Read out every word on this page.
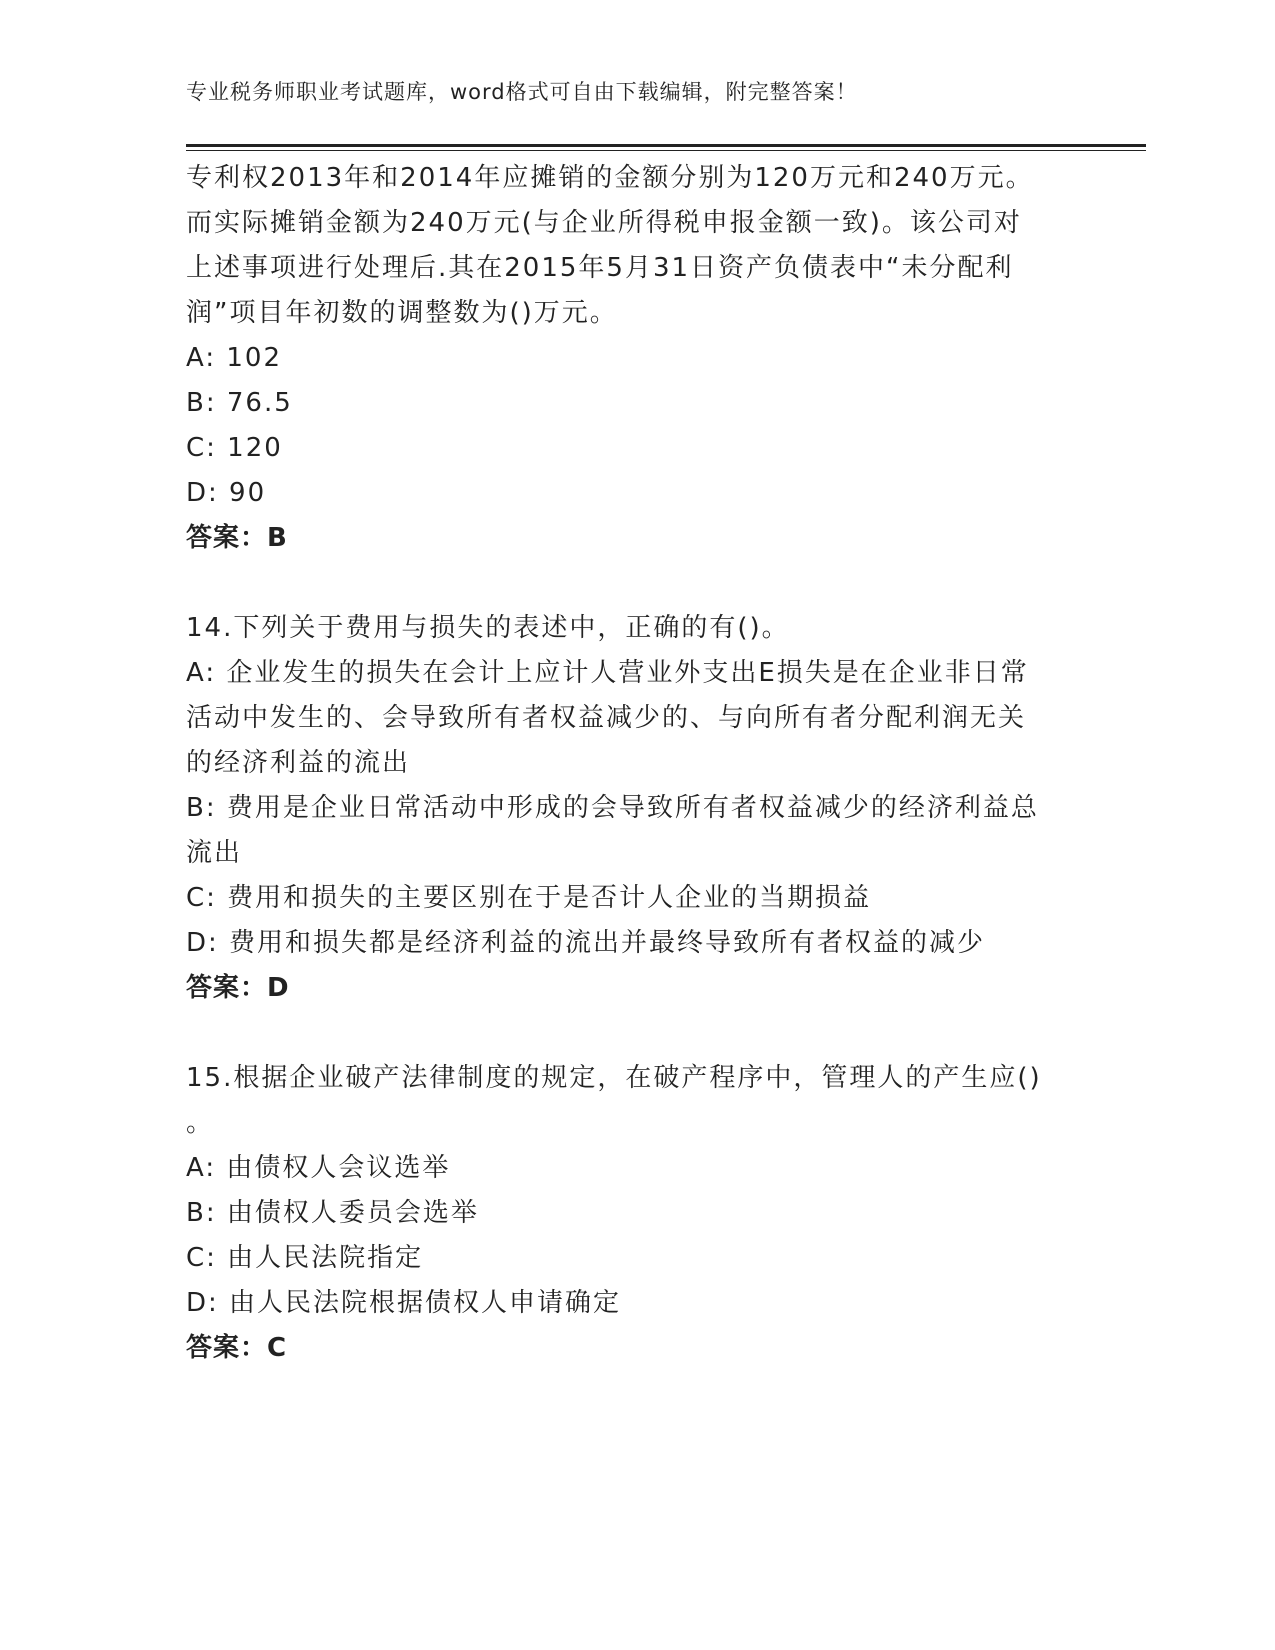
专业税务师职业考试题库，word格式可自由下载编辑，附完整答案！
专利权2013年和2014年应摊销的金额分别为120万元和240万元。
而实际摊销金额为240万元(与企业所得税申报金额一致)。该公司对
上述事项进行处理后.其在2015年5月31日资产负债表中“未分配利
润”项目年初数的调整数为()万元。
A: 102
B: 76.5
C: 120
D: 90
答案：B
14.下列关于费用与损失的表述中，正确的有()。
A: 企业发生的损失在会计上应计人营业外支出E损失是在企业非日常
活动中发生的、会导致所有者权益减少的、与向所有者分配利润无关
的经济利益的流出
B: 费用是企业日常活动中形成的会导致所有者权益减少的经济利益总
流出
C: 费用和损失的主要区别在于是否计人企业的当期损益
D: 费用和损失都是经济利益的流出并最终导致所有者权益的减少
答案：D
15.根据企业破产法律制度的规定，在破产程序中，管理人的产生应()
。
A: 由债权人会议选举
B: 由债权人委员会选举
C: 由人民法院指定
D: 由人民法院根据债权人申请确定
答案：C
